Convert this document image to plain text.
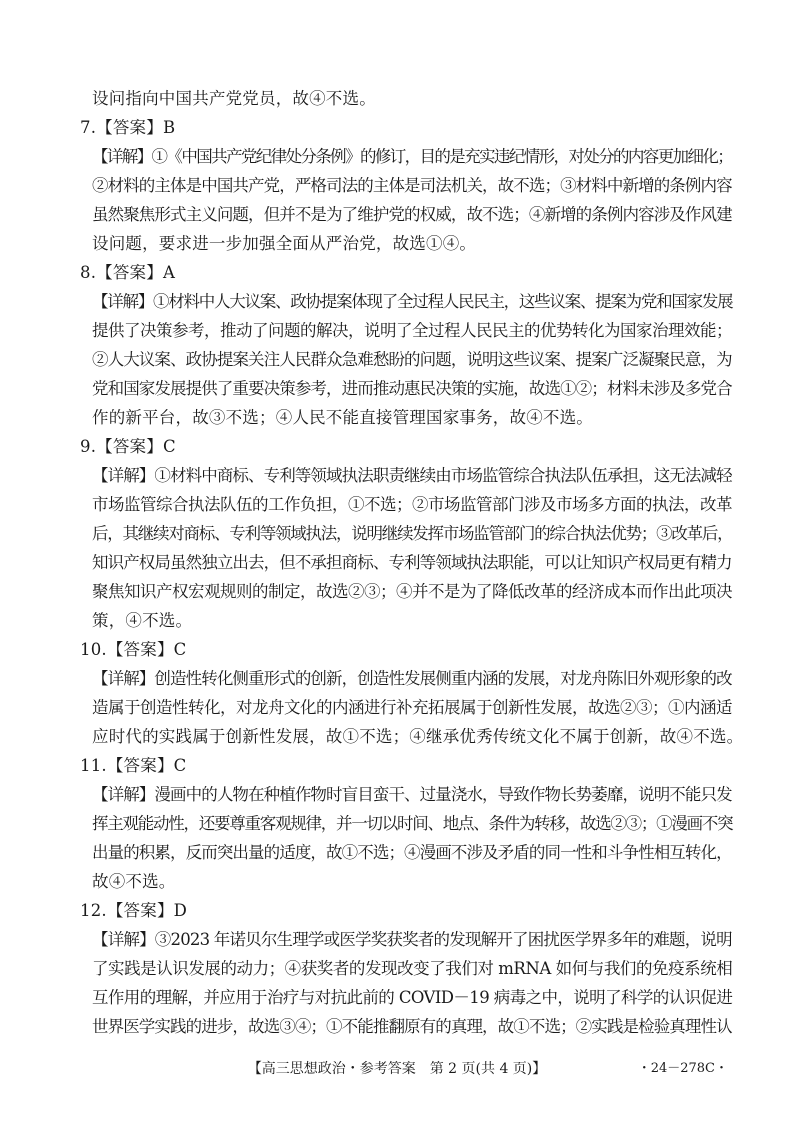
设问指向中国共产党党员，故④不选。
7.【答案】B
【详解】①《中国共产党纪律处分条例》的修订，目的是充实违纪情形，对处分的内容更加细化；
②材料的主体是中国共产党，严格司法的主体是司法机关，故不选；③材料中新增的条例内容
虽然聚焦形式主义问题，但并不是为了维护党的权威，故不选；④新增的条例内容涉及作风建
设问题，要求进一步加强全面从严治党，故选①④。
8.【答案】A
【详解】①材料中人大议案、政协提案体现了全过程人民民主，这些议案、提案为党和国家发展
提供了决策参考，推动了问题的解决，说明了全过程人民民主的优势转化为国家治理效能；
②人大议案、政协提案关注人民群众急难愁盼的问题，说明这些议案、提案广泛凝聚民意，为
党和国家发展提供了重要决策参考，进而推动惠民决策的实施，故选①②；材料未涉及多党合
作的新平台，故③不选；④人民不能直接管理国家事务，故④不选。
9.【答案】C
【详解】①材料中商标、专利等领域执法职责继续由市场监管综合执法队伍承担，这无法减轻
市场监管综合执法队伍的工作负担，①不选；②市场监管部门涉及市场多方面的执法，改革
后，其继续对商标、专利等领域执法，说明继续发挥市场监管部门的综合执法优势；③改革后，
知识产权局虽然独立出去，但不承担商标、专利等领域执法职能，可以让知识产权局更有精力
聚焦知识产权宏观规则的制定，故选②③；④并不是为了降低改革的经济成本而作出此项决
策，④不选。
10.【答案】C
【详解】创造性转化侧重形式的创新，创造性发展侧重内涵的发展，对龙舟陈旧外观形象的改
造属于创造性转化，对龙舟文化的内涵进行补充拓展属于创新性发展，故选②③；①内涵适
应时代的实践属于创新性发展，故①不选；④继承优秀传统文化不属于创新，故④不选。
11.【答案】C
【详解】漫画中的人物在种植作物时盲目蛮干、过量浇水，导致作物长势萎靡，说明不能只发
挥主观能动性，还要尊重客观规律，并一切以时间、地点、条件为转移，故选②③；①漫画不突
出量的积累，反而突出量的适度，故①不选；④漫画不涉及矛盾的同一性和斗争性相互转化，
故④不选。
12.【答案】D
【详解】③2023 年诺贝尔生理学或医学奖获奖者的发现解开了困扰医学界多年的难题，说明
了实践是认识发展的动力；④获奖者的发现改变了我们对 mRNA 如何与我们的免疫系统相
互作用的理解，并应用于治疗与对抗此前的 COVID－19 病毒之中，说明了科学的认识促进
世界医学实践的进步，故选③④；①不能推翻原有的真理，故①不选；②实践是检验真理性认
【高三思想政治・参考答案　第 2 页(共 4 页)】	・24－278C・
